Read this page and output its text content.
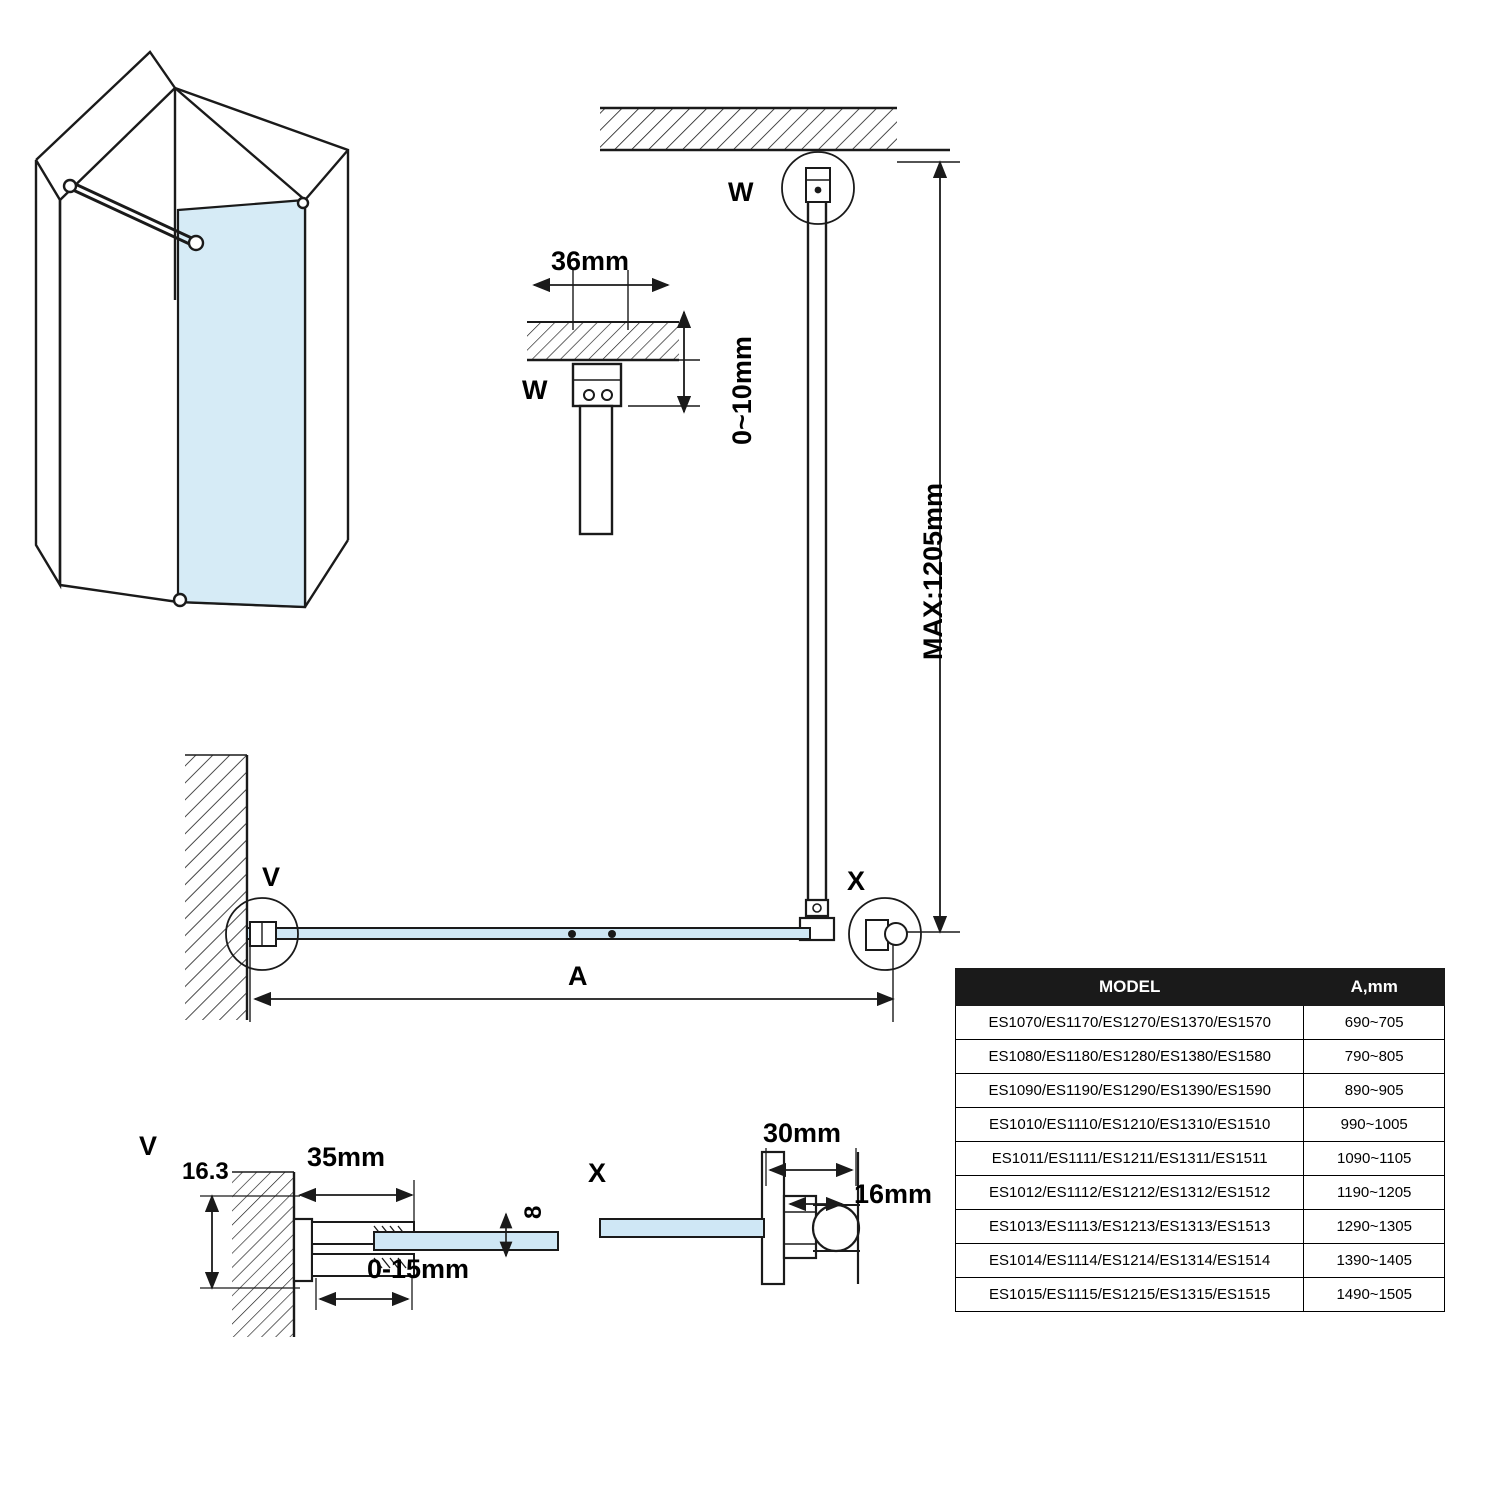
W
W
36mm
0~10mm
MAX:1205mm
V	X
A
V
16.3	35mm
8
0-15mm
X
30mm
16mm
MODEL	A,mm
ES1070/ES1170/ES1270/ES1370/ES1570	690~705
ES1080/ES1180/ES1280/ES1380/ES1580	790~805
ES1090/ES1190/ES1290/ES1390/ES1590	890~905
ES1010/ES1110/ES1210/ES1310/ES1510	990~1005
ES1011/ES1111/ES1211/ES1311/ES1511	1090~1105
ES1012/ES1112/ES1212/ES1312/ES1512	1190~1205
ES1013/ES1113/ES1213/ES1313/ES1513	1290~1305
ES1014/ES1114/ES1214/ES1314/ES1514	1390~1405
ES1015/ES1115/ES1215/ES1315/ES1515	1490~1505
